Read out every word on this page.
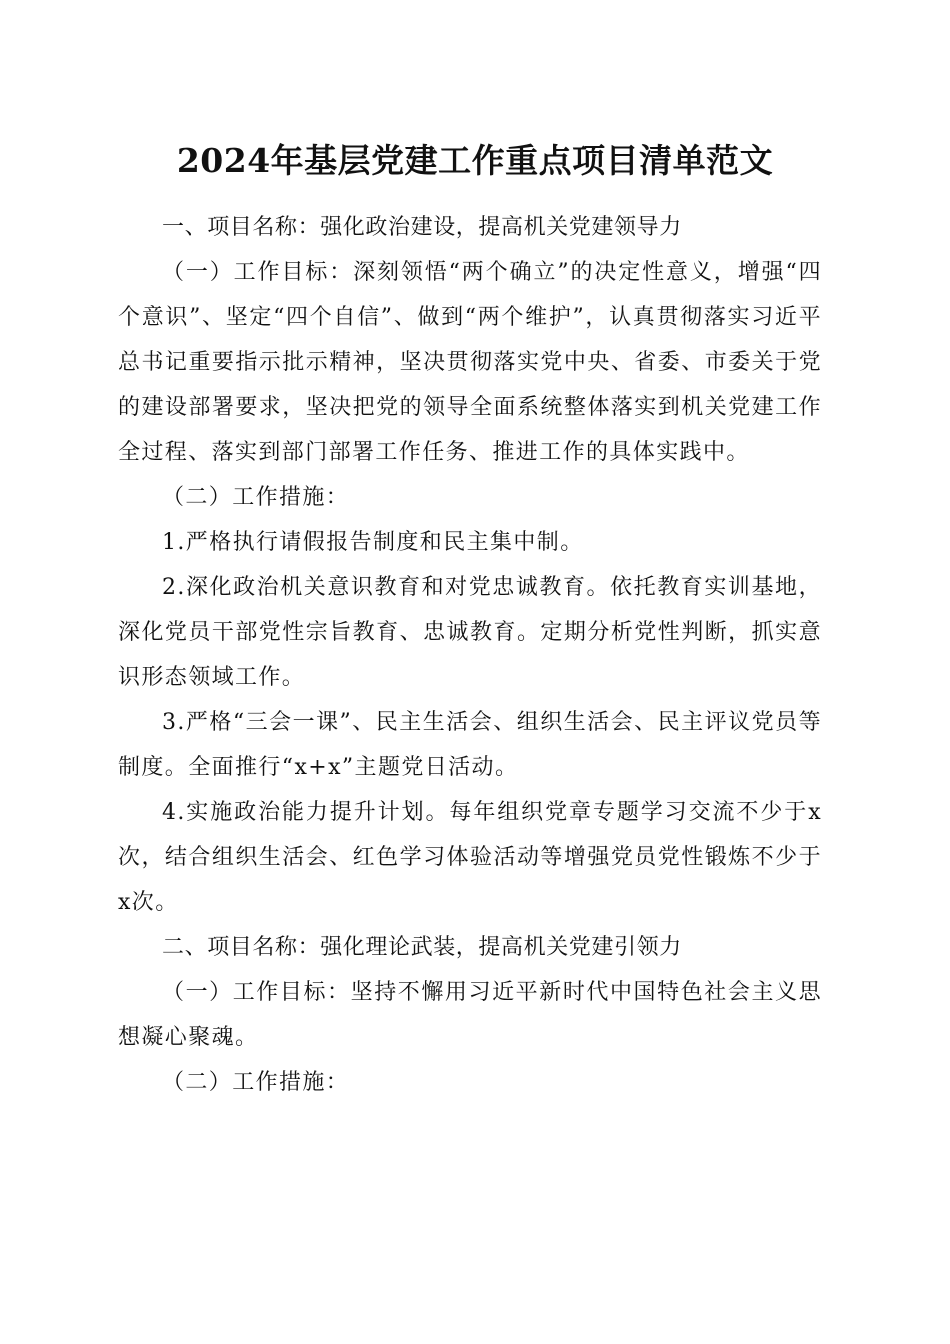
2024年基层党建工作重点项目清单范文

一、项目名称：强化政治建设，提高机关党建领导力

（一）工作目标：深刻领悟“两个确立”的决定性意义，增强“四个意识”、坚定“四个自信”、做到“两个维护”，认真贯彻落实习近平总书记重要指示批示精神，坚决贯彻落实党中央、省委、市委关于党的建设部署要求，坚决把党的领导全面系统整体落实到机关党建工作全过程、落实到部门部署工作任务、推进工作的具体实践中。

（二）工作措施：

1.严格执行请假报告制度和民主集中制。

2.深化政治机关意识教育和对党忠诚教育。依托教育实训基地，深化党员干部党性宗旨教育、忠诚教育。定期分析党性判断，抓实意识形态领域工作。

3.严格“三会一课”、民主生活会、组织生活会、民主评议党员等制度。全面推行“x+x”主题党日活动。

4.实施政治能力提升计划。每年组织党章专题学习交流不少于x次，结合组织生活会、红色学习体验活动等增强党员党性锻炼不少于x次。

二、项目名称：强化理论武装，提高机关党建引领力

（一）工作目标：坚持不懈用习近平新时代中国特色社会主义思想凝心聚魂。

（二）工作措施：
